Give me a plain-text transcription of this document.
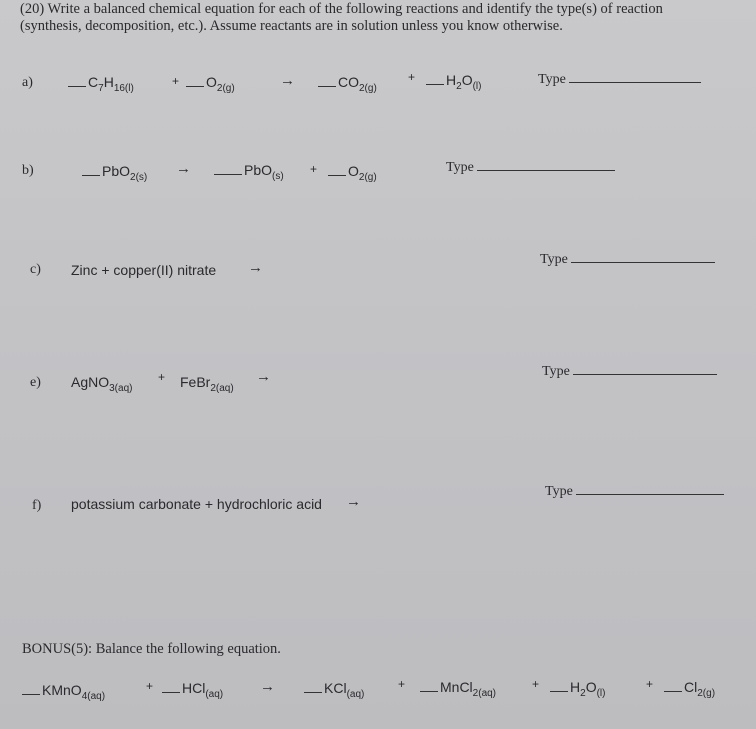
(20) Write a balanced chemical equation for each of the following reactions and identify the type(s) of reaction
(synthesis, decomposition, etc.). Assume reactants are in solution unless you know otherwise.
a)	$C_7H_{16(l)}$
+	$O_{2(g)}$	→	$CO_{2(g)}$
+	$H_2O_{(l)}$	Type
b)	PbO$_{2(s)}$
→	PbO$_{(s)}$
+	$O_{2(g)}$
Type
c) Zinc + copper(II) nitrate →	Type
e) AgNO$_{3(aq)}$
+ FeBr$_{2(aq)}$
→	Type
f) potassium carbonate + hydrochloric acid →
Type
BONUS(5): Balance the following equation.
KMnO$_{4(aq)}$
+	HCl$_{(aq)}$ →	KCl$_{(aq)}$
+	MnCl$_{2(aq)}$
+	$H_2O_{(l)}$
+	$Cl_{2(g)}$
